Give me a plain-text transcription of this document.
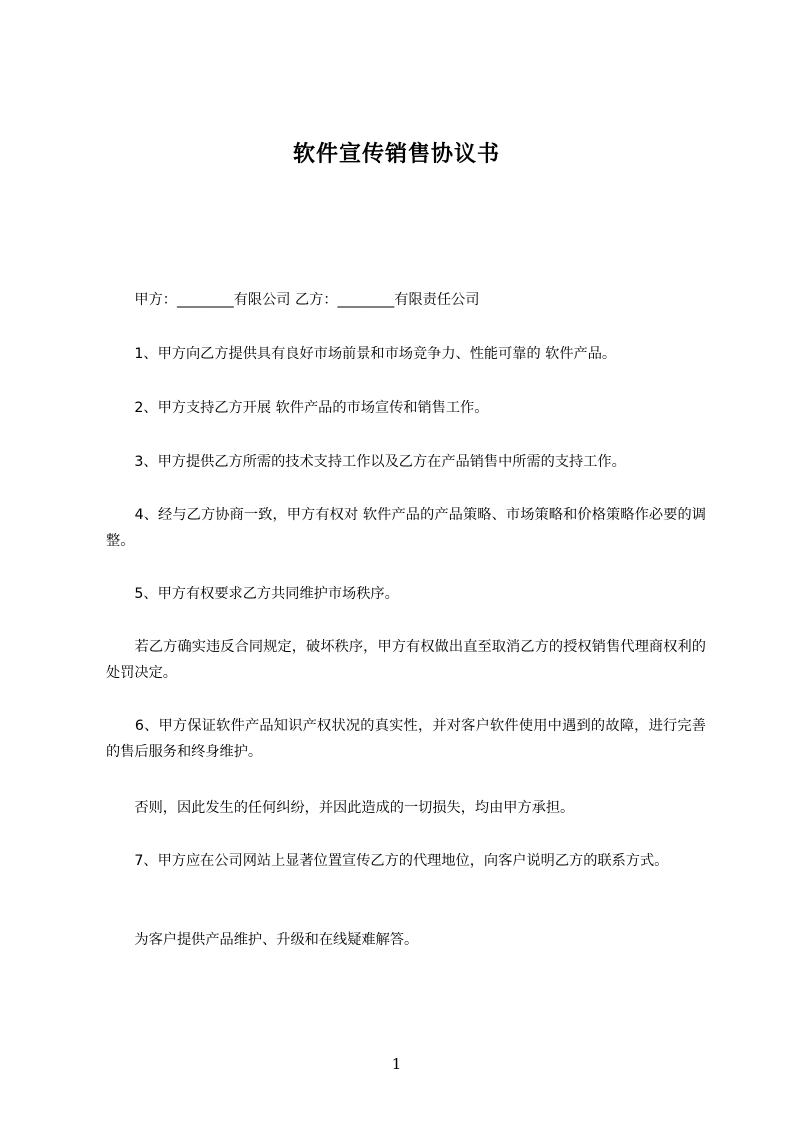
软件宣传销售协议书
　　甲方：________有限公司 乙方：________有限责任公司
　　1、甲方向乙方提供具有良好市场前景和市场竞争力、性能可靠的 软件产品。
　　2、甲方支持乙方开展 软件产品的市场宣传和销售工作。
　　3、甲方提供乙方所需的技术支持工作以及乙方在产品销售中所需的支持工作。
　　4、经与乙方协商一致，甲方有权对 软件产品的产品策略、市场策略和价格策略作必要的调整。
　　5、甲方有权要求乙方共同维护市场秩序。
　　若乙方确实违反合同规定，破坏秩序，甲方有权做出直至取消乙方的授权销售代理商权利的处罚决定。
　　6、甲方保证软件产品知识产权状况的真实性，并对客户软件使用中遇到的故障，进行完善的售后服务和终身维护。
　　否则，因此发生的任何纠纷，并因此造成的一切损失，均由甲方承担。
　　7、甲方应在公司网站上显著位置宣传乙方的代理地位，向客户说明乙方的联系方式。
　　为客户提供产品维护、升级和在线疑难解答。
1
